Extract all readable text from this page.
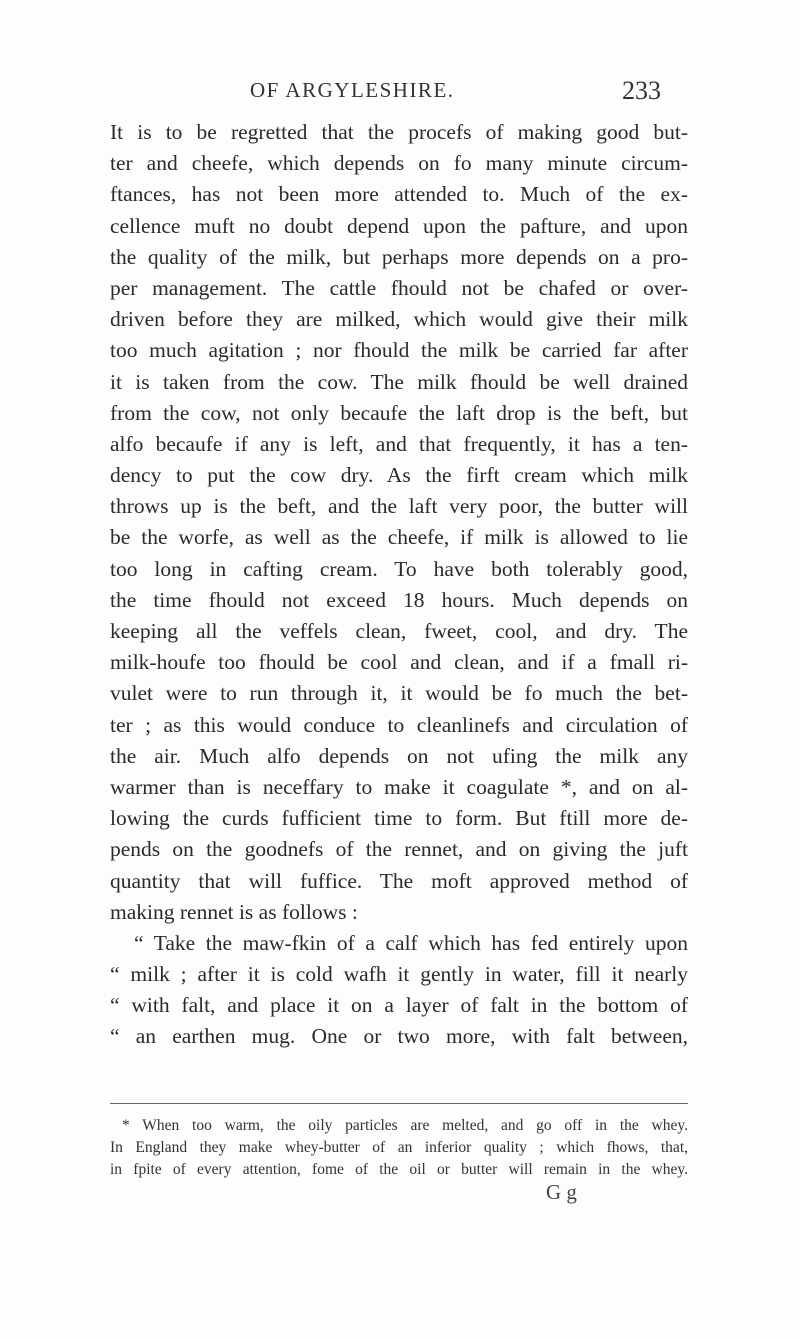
OF ARGYLESHIRE.	233
It is to be regretted that the procefs of making good but-
ter and cheefe, which depends on fo many minute circum-
ftances, has not been more attended to. Much of the ex-
cellence muft no doubt depend upon the pafture, and upon
the quality of the milk, but perhaps more depends on a pro-
per management. The cattle fhould not be chafed or over-
driven before they are milked, which would give their milk
too much agitation ; nor fhould the milk be carried far after
it is taken from the cow. The milk fhould be well drained
from the cow, not only becaufe the laft drop is the beft, but
alfo becaufe if any is left, and that frequently, it has a ten-
dency to put the cow dry. As the firft cream which milk
throws up is the beft, and the laft very poor, the butter will
be the worfe, as well as the cheefe, if milk is allowed to lie
too long in cafting cream. To have both tolerably good,
the time fhould not exceed 18 hours. Much depends on
keeping all the veffels clean, fweet, cool, and dry. The
milk-houfe too fhould be cool and clean, and if a fmall ri-
vulet were to run through it, it would be fo much the bet-
ter ; as this would conduce to cleanlinefs and circulation of
the air. Much alfo depends on not ufing the milk any
warmer than is neceffary to make it coagulate *, and on al-
lowing the curds fufficient time to form. But ftill more de-
pends on the goodnefs of the rennet, and on giving the juft
quantity that will fuffice. The moft approved method of
making rennet is as follows :
“ Take the maw-fkin of a calf which has fed entirely upon
“ milk ; after it is cold wafh it gently in water, fill it nearly
“ with falt, and place it on a layer of falt in the bottom of
“ an earthen mug. One or two more, with falt between,
* When too warm, the oily particles are melted, and go off in the whey.
In England they make whey-butter of an inferior quality ; which fhows, that,
in fpite of every attention, fome of the oil or butter will remain in the whey.
G g
